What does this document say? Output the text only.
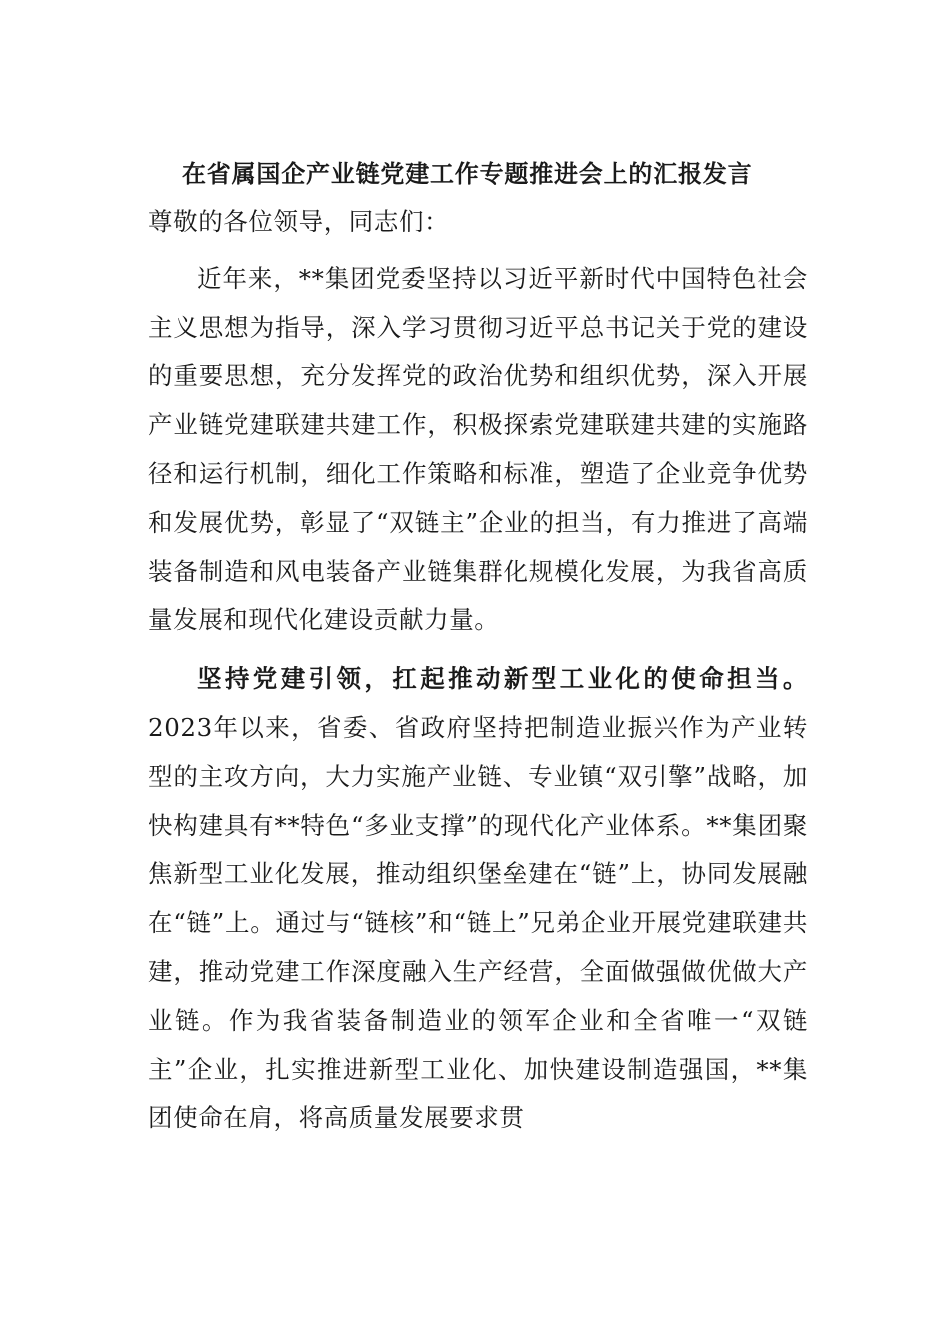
在省属国企产业链党建工作专题推进会上的汇报发言
尊敬的各位领导，同志们：

近年来，**集团党委坚持以习近平新时代中国特色社会主义思想为指导，深入学习贯彻习近平总书记关于党的建设的重要思想，充分发挥党的政治优势和组织优势，深入开展产业链党建联建共建工作，积极探索党建联建共建的实施路径和运行机制，细化工作策略和标准，塑造了企业竞争优势和发展优势，彰显了“双链主”企业的担当，有力推进了高端装备制造和风电装备产业链集群化规模化发展，为我省高质量发展和现代化建设贡献力量。

坚持党建引领，扛起推动新型工业化的使命担当。2023年以来，省委、省政府坚持把制造业振兴作为产业转型的主攻方向，大力实施产业链、专业镇“双引擎”战略，加快构建具有**特色“多业支撑”的现代化产业体系。**集团聚焦新型工业化发展，推动组织堡垒建在“链”上，协同发展融在“链”上。通过与“链核”和“链上”兄弟企业开展党建联建共建，推动党建工作深度融入生产经营，全面做强做优做大产业链。作为我省装备制造业的领军企业和全省唯一“双链主”企业，扎实推进新型工业化、加快建设制造强国，**集团使命在肩，将高质量发展要求贯
